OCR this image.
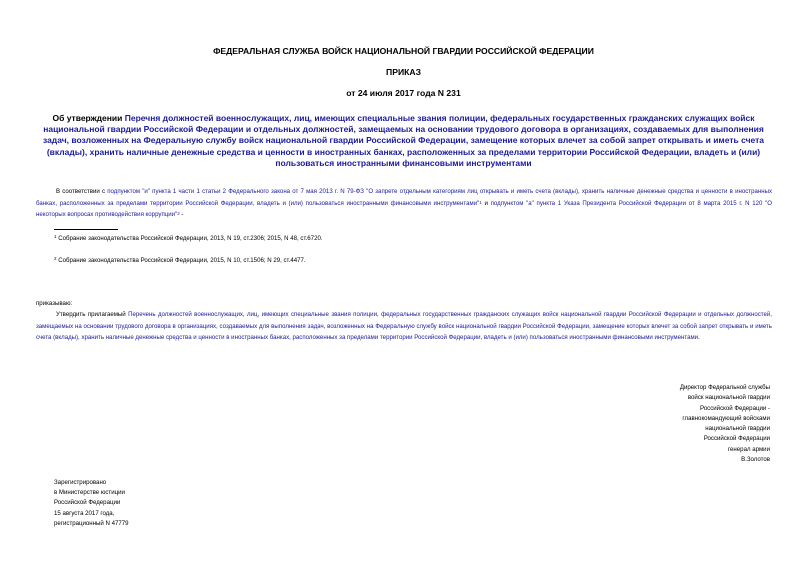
ФЕДЕРАЛЬНАЯ СЛУЖБА ВОЙСК НАЦИОНАЛЬНОЙ ГВАРДИИ РОССИЙСКОЙ ФЕДЕРАЦИИ
ПРИКАЗ
от 24 июля 2017 года N 231
Об утверждении Перечня должностей военнослужащих, лиц, имеющих специальные звания полиции, федеральных государственных гражданских служащих войск национальной гвардии Российской Федерации и отдельных должностей, замещаемых на основании трудового договора в организациях, создаваемых для выполнения задач, возложенных на Федеральную службу войск национальной гвардии Российской Федерации, замещение которых влечет за собой запрет открывать и иметь счета (вклады), хранить наличные денежные средства и ценности в иностранных банках, расположенных за пределами территории Российской Федерации, владеть и (или) пользоваться иностранными финансовыми инструментами
В соответствии с подпунктом "и" пункта 1 части 1 статьи 2 Федерального закона от 7 мая 2013 г. N 79-ФЗ "О запрете отдельным категориям лиц открывать и иметь счета (вклады), хранить наличные денежные средства и ценности в иностранных банках, расположенных за пределами территории Российской Федерации, владеть и (или) пользоваться иностранными финансовыми инструментами"$^1$ и подпунктом "а" пункта 1 Указа Президента Российской Федерации от 8 марта 2015 г. N 120 "О некоторых вопросах противодействия коррупции"$^2$ -
$^1$ Собрание законодательства Российской Федерации, 2013, N 19, ст.2306; 2015, N 48, ст.6720.
$^2$ Собрание законодательства Российской Федерации, 2015, N 10, ст.1506; N 29, ст.4477.
приказываю:
Утвердить прилагаемый Перечень должностей военнослужащих, лиц, имеющих специальные звания полиции, федеральных государственных гражданских служащих войск национальной гвардии Российской Федерации и отдельных должностей, замещаемых на основании трудового договора в организациях, создаваемых для выполнения задач, возложенных на Федеральную службу войск национальной гвардии Российской Федерации, замещение которых влечет за собой запрет открывать и иметь счета (вклады), хранить наличные денежные средства и ценности в иностранных банках, расположенных за пределами территории Российской Федерации, владеть и (или) пользоваться иностранными финансовыми инструментами.
Директор Федеральной службы
войск национальной гвардии
Российской Федерации -
главнокомандующий войсками
национальной гвардии
Российской Федерации
генерал армии
В.Золотов
Зарегистрировано
в Министерстве юстиции
Российской Федерации
15 августа 2017 года,
регистрационный N 47779
